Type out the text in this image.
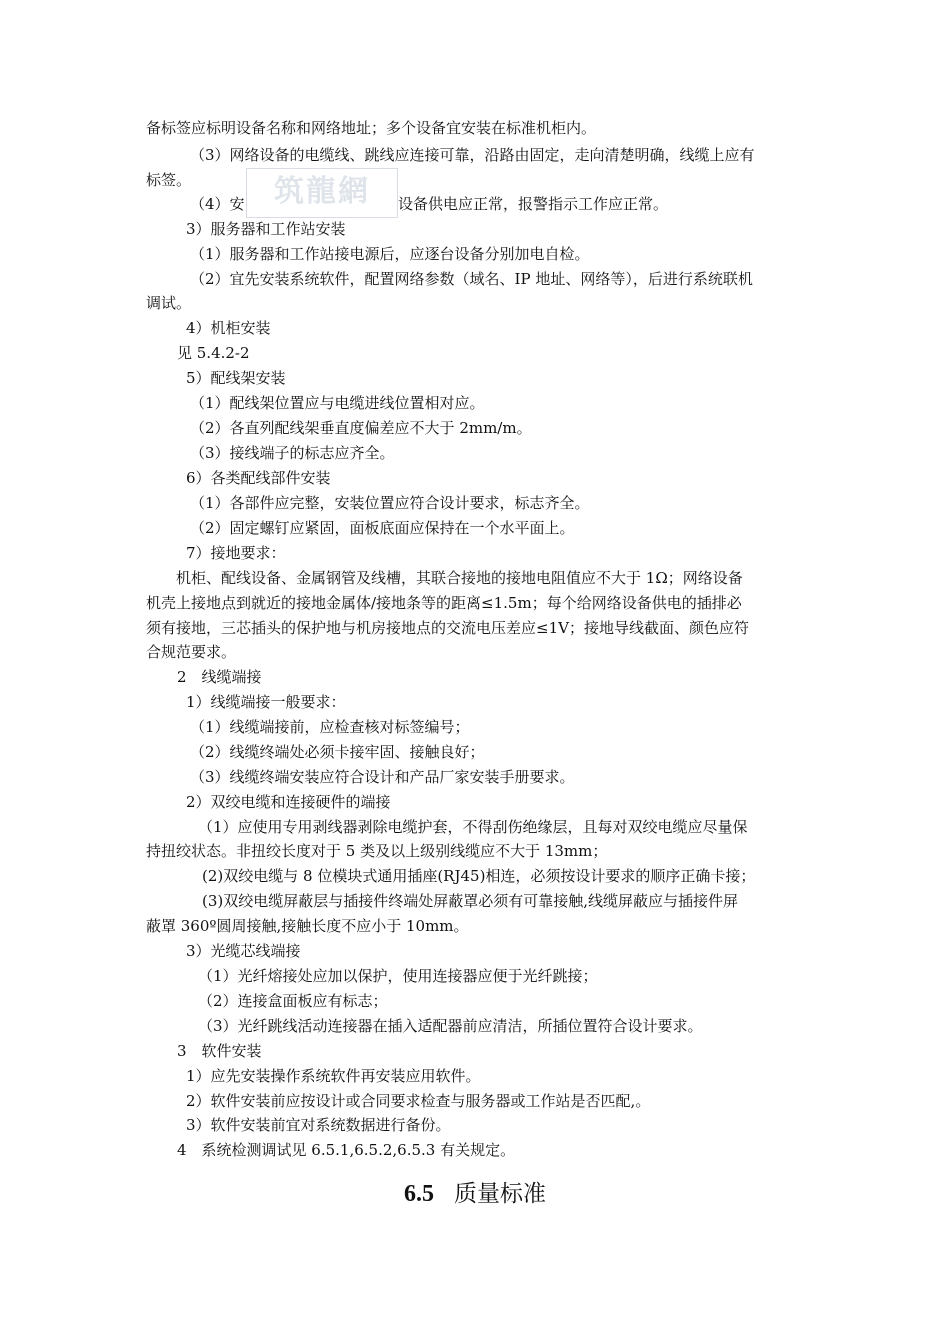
备标签应标明设备名称和网络地址；多个设备宜安装在标准机柜内。
（3）网络设备的电缆线、跳线应连接可靠，沿路由固定，走向清楚明确，线缆上应有
标签。
（4）安	设备供电应正常，报警指示工作应正常。
3）服务器和工作站安装
（1）服务器和工作站接电源后，应逐台设备分别加电自检。
（2）宜先安装系统软件，配置网络参数（域名、IP 地址、网络等），后进行系统联机
调试。
4）机柜安装
见 5.4.2-2
5）配线架安装
（1）配线架位置应与电缆进线位置相对应。
（2）各直列配线架垂直度偏差应不大于 2mm/m。
（3）接线端子的标志应齐全。
6）各类配线部件安装
（1）各部件应完整，安装位置应符合设计要求，标志齐全。
（2）固定螺钉应紧固，面板底面应保持在一个水平面上。
7）接地要求：
机柜、配线设备、金属钢管及线槽，其联合接地的接地电阻值应不大于 1Ω；网络设备
机壳上接地点到就近的接地金属体/接地条等的距离≤1.5m；每个给网络设备供电的插排必
须有接地，三芯插头的保护地与机房接地点的交流电压差应≤1V；接地导线截面、颜色应符
合规范要求。
2　线缆端接
1）线缆端接一般要求：
（1）线缆端接前，应检查核对标签编号；
（2）线缆终端处必须卡接牢固、接触良好；
（3）线缆终端安装应符合设计和产品厂家安装手册要求。
2）双绞电缆和连接硬件的端接
（1）应使用专用剥线器剥除电缆护套，不得刮伤绝缘层，且每对双绞电缆应尽量保
持扭绞状态。非扭绞长度对于 5 类及以上级别线缆应不大于 13mm；
(2)双绞电缆与 8 位模块式通用插座(RJ45)相连，必须按设计要求的顺序正确卡接；
(3)双绞电缆屏蔽层与插接件终端处屏蔽罩必须有可靠接触,线缆屏蔽应与插接件屏
蔽罩 360º圆周接触,接触长度不应小于 10mm。
3）光缆芯线端接
（1）光纤熔接处应加以保护，使用连接器应便于光纤跳接；
（2）连接盒面板应有标志；
（3）光纤跳线活动连接器在插入适配器前应清洁，所插位置符合设计要求。
3　软件安装
1）应先安装操作系统软件再安装应用软件。
2）软件安装前应按设计或合同要求检查与服务器或工作站是否匹配,。
3）软件安装前宜对系统数据进行备份。
4　系统检测调试见 6.5.1,6.5.2,6.5.3 有关规定。
筑龍網
6.5 质量标准
